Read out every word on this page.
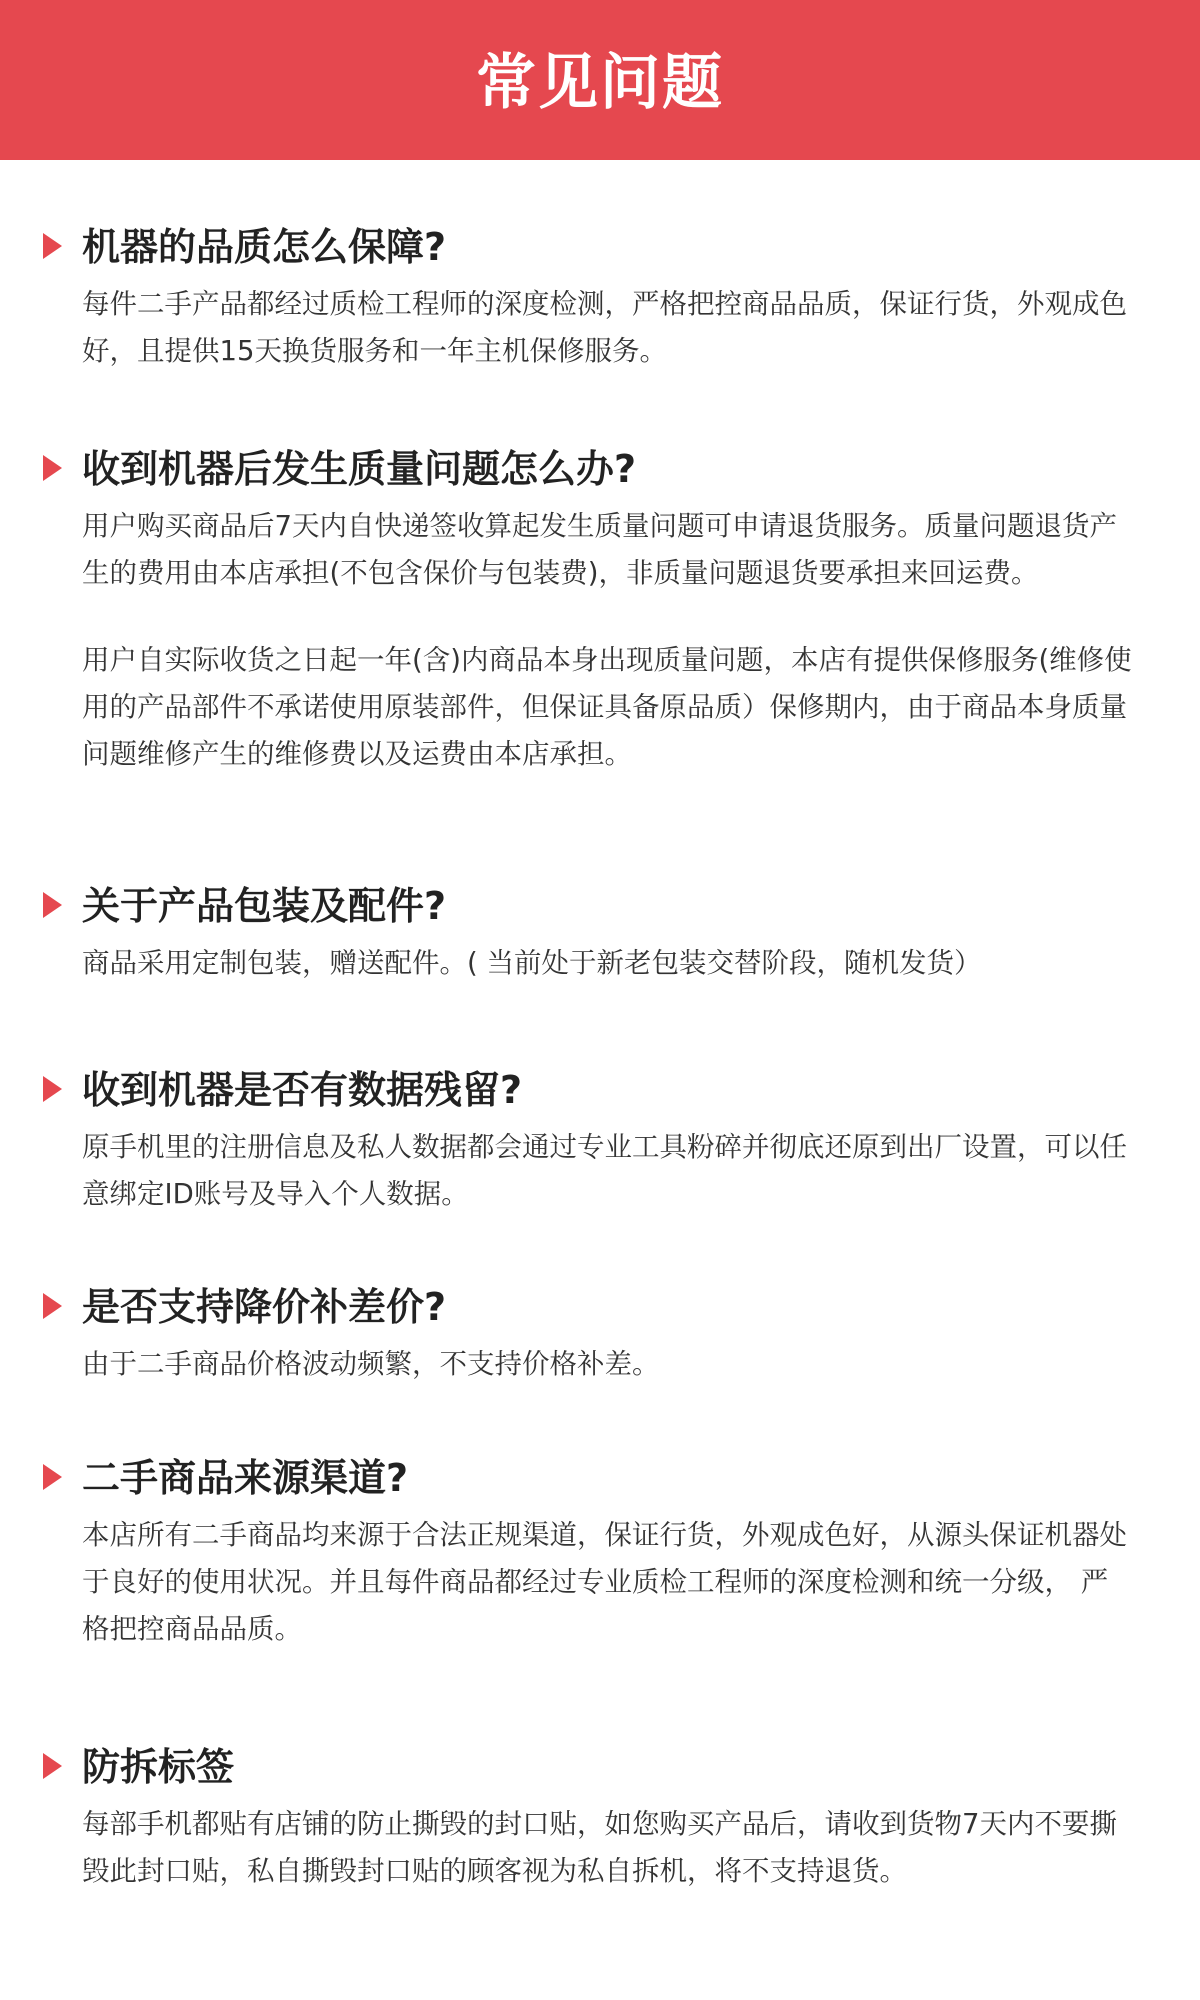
常见问题
机器的品质怎么保障?

每件二手产品都经过质检工程师的深度检测，严格把控商品品质，保证行货，外观成色好，且提供15天换货服务和一年主机保修服务。

收到机器后发生质量问题怎么办?

用户购买商品后7天内自快递签收算起发生质量问题可申请退货服务。质量问题退货产生的费用由本店承担(不包含保价与包装费)，非质量问题退货要承担来回运费。

用户自实际收货之日起一年(含)内商品本身出现质量问题，本店有提供保修服务(维修使用的产品部件不承诺使用原装部件，但保证具备原品质）保修期内，由于商品本身质量问题维修产生的维修费以及运费由本店承担。

关于产品包装及配件?

商品采用定制包装，赠送配件。( 当前处于新老包装交替阶段，随机发货）

收到机器是否有数据残留?

原手机里的注册信息及私人数据都会通过专业工具粉碎并彻底还原到出厂设置，可以任意绑定ID账号及导入个人数据。

是否支持降价补差价?

由于二手商品价格波动频繁，不支持价格补差。

二手商品来源渠道?

本店所有二手商品均来源于合法正规渠道，保证行货，外观成色好，从源头保证机器处于良好的使用状况。并且每件商品都经过专业质检工程师的深度检测和统一分级， 严格把控商品品质。

防拆标签

每部手机都贴有店铺的防止撕毁的封口贴，如您购买产品后，请收到货物7天内不要撕毁此封口贴，私自撕毁封口贴的顾客视为私自拆机，将不支持退货。
